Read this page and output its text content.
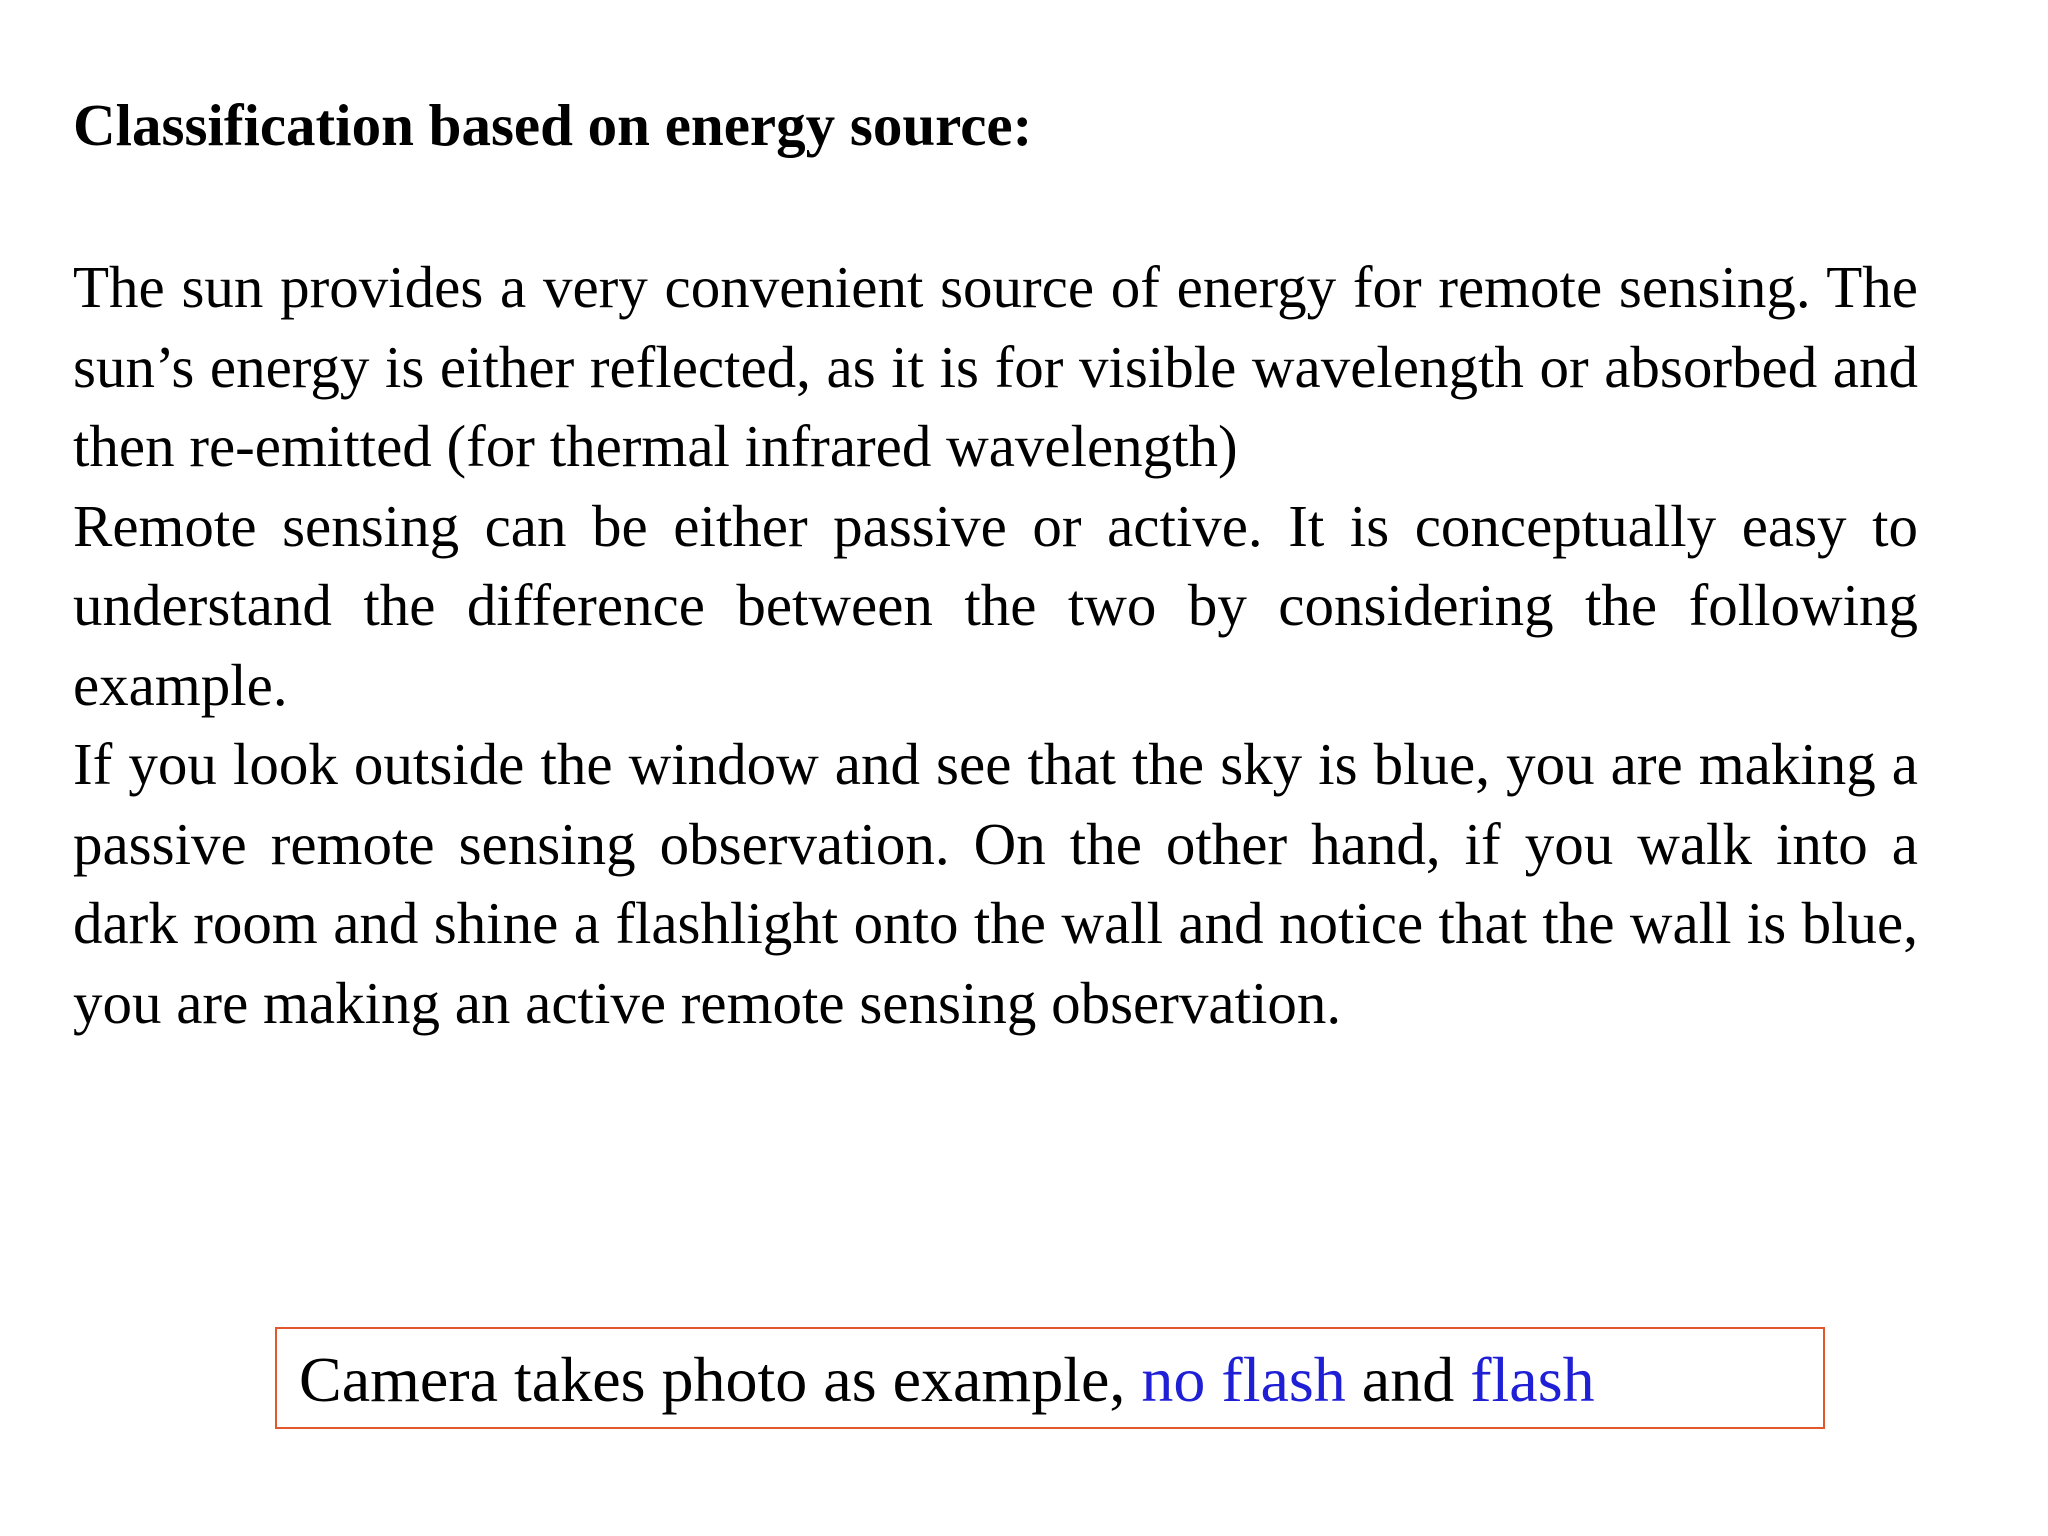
Classification based on energy source:

The sun provides a very convenient source of energy for remote sensing. The sun’s energy is either reflected, as it is for visible wavelength or absorbed and then re-emitted (for thermal infrared wavelength)

Remote sensing can be either passive or active. It is conceptually easy to understand the difference between the two by considering the following example.

If you look outside the window and see that the sky is blue, you are making a passive remote sensing observation. On the other hand, if you walk into a dark room and shine a flashlight onto the wall and notice that the wall is blue, you are making an active remote sensing observation.

Camera takes photo as example, no flash and flash
